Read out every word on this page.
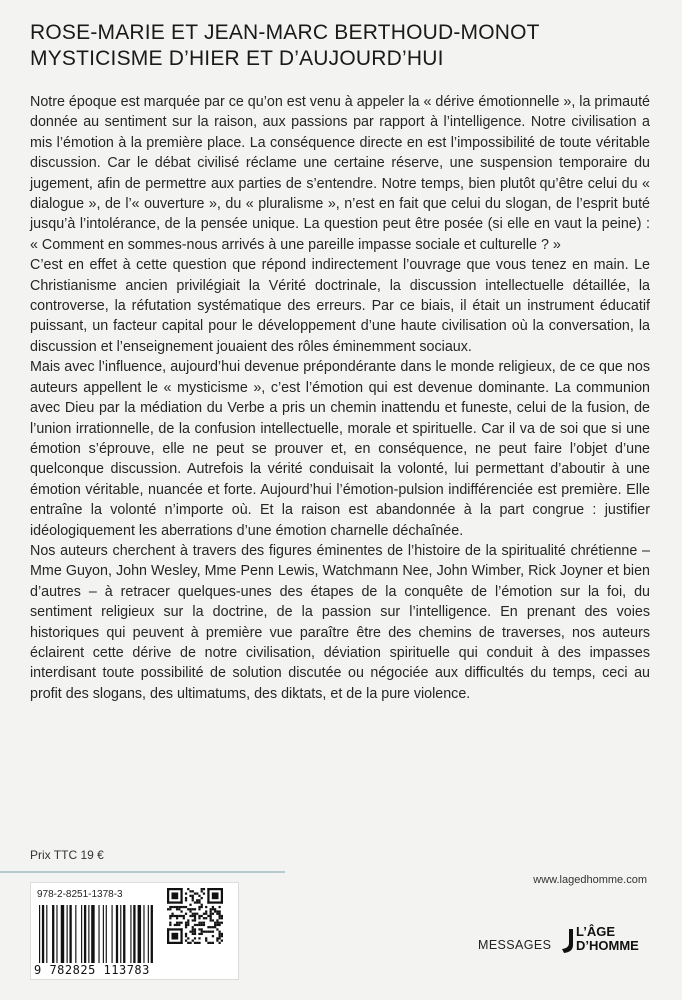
ROSE-MARIE ET JEAN-MARC BERTHOUD-MONOT
MYSTICISME D’HIER ET D’AUJOURD’HUI

Notre époque est marquée par ce qu’on est venu à appeler la « dérive émotionnelle », la primauté donnée au sentiment sur la raison, aux passions par rapport à l’intelligence. Notre civilisation a mis l’émotion à la première place. La conséquence directe en est l’impossibilité de toute véritable discussion. Car le débat civilisé réclame une certaine réserve, une suspension temporaire du jugement, afin de permettre aux parties de s’entendre. Notre temps, bien plutôt qu’être celui du « dialogue », de l’« ouverture », du « pluralisme », n’est en fait que celui du slogan, de l’esprit buté jusqu’à l’intolérance, de la pensée unique. La question peut être posée (si elle en vaut la peine) : « Comment en sommes-nous arrivés à une pareille impasse sociale et culturelle ? »

C’est en effet à cette question que répond indirectement l’ouvrage que vous tenez en main. Le Christianisme ancien privilégiait la Vérité doctrinale, la discussion intellectuelle détaillée, la controverse, la réfutation systématique des erreurs. Par ce biais, il était un instrument éducatif puissant, un facteur capital pour le développement d’une haute civilisation où la conversation, la discussion et l’enseignement jouaient des rôles éminemment sociaux.

Mais avec l’influence, aujourd’hui devenue prépondérante dans le monde religieux, de ce que nos auteurs appellent le « mysticisme », c’est l’émotion qui est devenue dominante. La communion avec Dieu par la médiation du Verbe a pris un chemin inattendu et funeste, celui de la fusion, de l’union irrationnelle, de la confusion intellectuelle, morale et spirituelle. Car il va de soi que si une émotion s’éprouve, elle ne peut se prouver et, en conséquence, ne peut faire l’objet d’une quelconque discussion. Autrefois la vérité conduisait la volonté, lui permettant d’aboutir à une émotion véritable, nuancée et forte. Aujourd’hui l’émotion-pulsion indifférenciée est première. Elle entraîne la volonté n’importe où. Et la raison est abandonnée à la part congrue : justifier idéologiquement les aberrations d’une émotion charnelle déchaînée.

Nos auteurs cherchent à travers des figures éminentes de l’histoire de la spiritualité chrétienne – Mme Guyon, John Wesley, Mme Penn Lewis, Watchmann Nee, John Wimber, Rick Joyner et bien d’autres – à retracer quelques-unes des étapes de la conquête de l’émotion sur la foi, du sentiment religieux sur la doctrine, de la passion sur l’intelligence. En prenant des voies historiques qui peuvent à première vue paraître être des chemins de traverses, nos auteurs éclairent cette dérive de notre civilisation, déviation spirituelle qui conduit à des impasses interdisant toute possibilité de solution discutée ou négociée aux difficultés du temps, ceci au profit des slogans, des ultimatums, des diktats, et de la pure violence.

Prix TTC 19 €
978-2-8251-1378-3
9 782825 113783
www.lagedhomme.com
MESSAGES
L’ÂGE
D’HOMME
